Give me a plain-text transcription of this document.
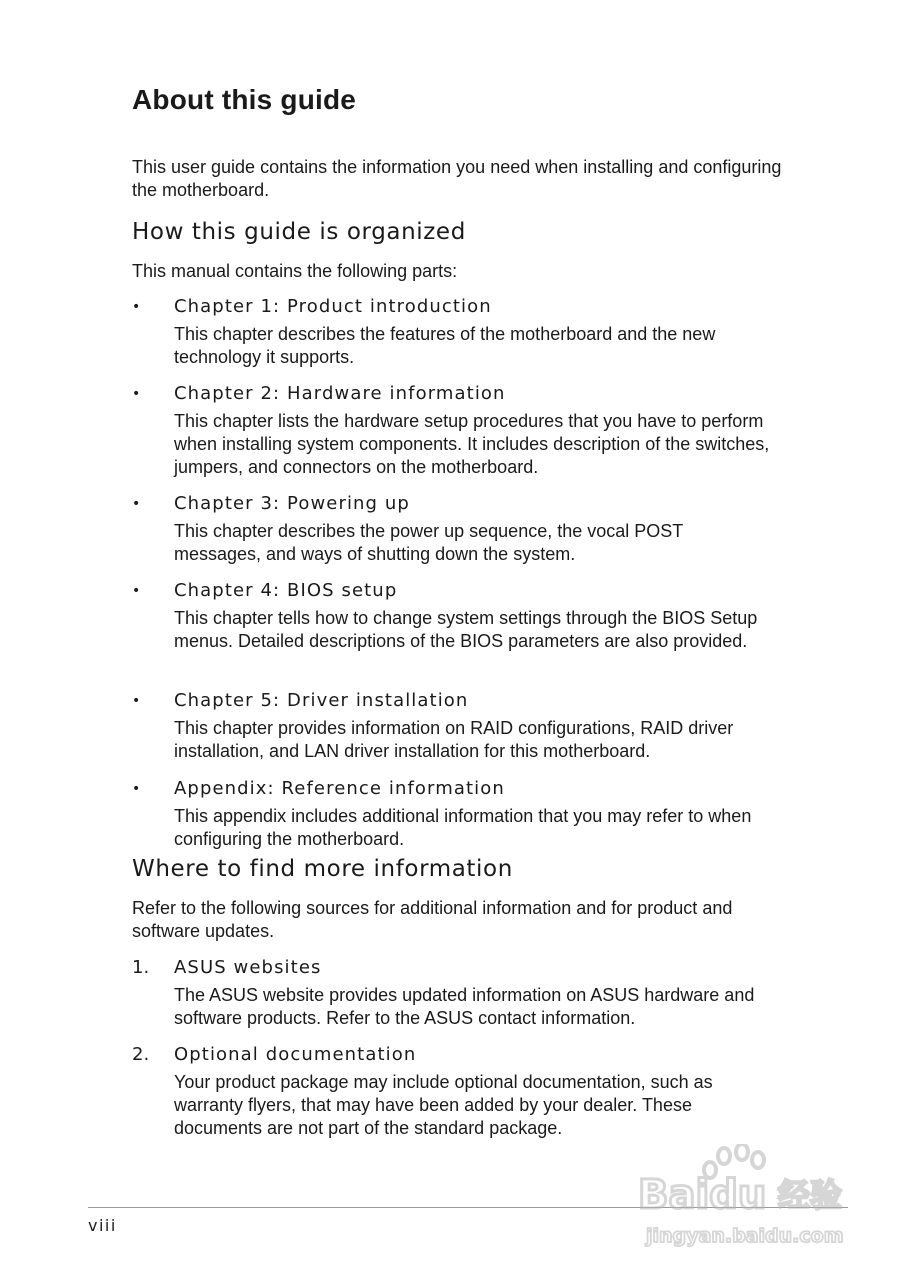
About this guide

This user guide contains the information you need when installing and configuring the motherboard.

How this guide is organized

This manual contains the following parts:

• Chapter 1: Product introduction

This chapter describes the features of the motherboard and the new technology it supports.

• Chapter 2: Hardware information

This chapter lists the hardware setup procedures that you have to perform when installing system components. It includes description of the switches, jumpers, and connectors on the motherboard.

• Chapter 3: Powering up

This chapter describes the power up sequence, the vocal POST messages, and ways of shutting down the system.

• Chapter 4: BIOS setup

This chapter tells how to change system settings through the BIOS Setup menus. Detailed descriptions of the BIOS parameters are also provided.

• Chapter 5: Driver installation

This chapter provides information on RAID configurations, RAID driver installation, and LAN driver installation for this motherboard.

• Appendix: Reference information

This appendix includes additional information that you may refer to when configuring the motherboard.

Where to find more information

Refer to the following sources for additional information and for product and software updates.

1. ASUS websites

The ASUS website provides updated information on ASUS hardware and software products. Refer to the ASUS contact information.

2. Optional documentation

Your product package may include optional documentation, such as warranty flyers, that may have been added by your dealer. These documents are not part of the standard package.

viii

Baidu 经验
jingyan.baidu.com
